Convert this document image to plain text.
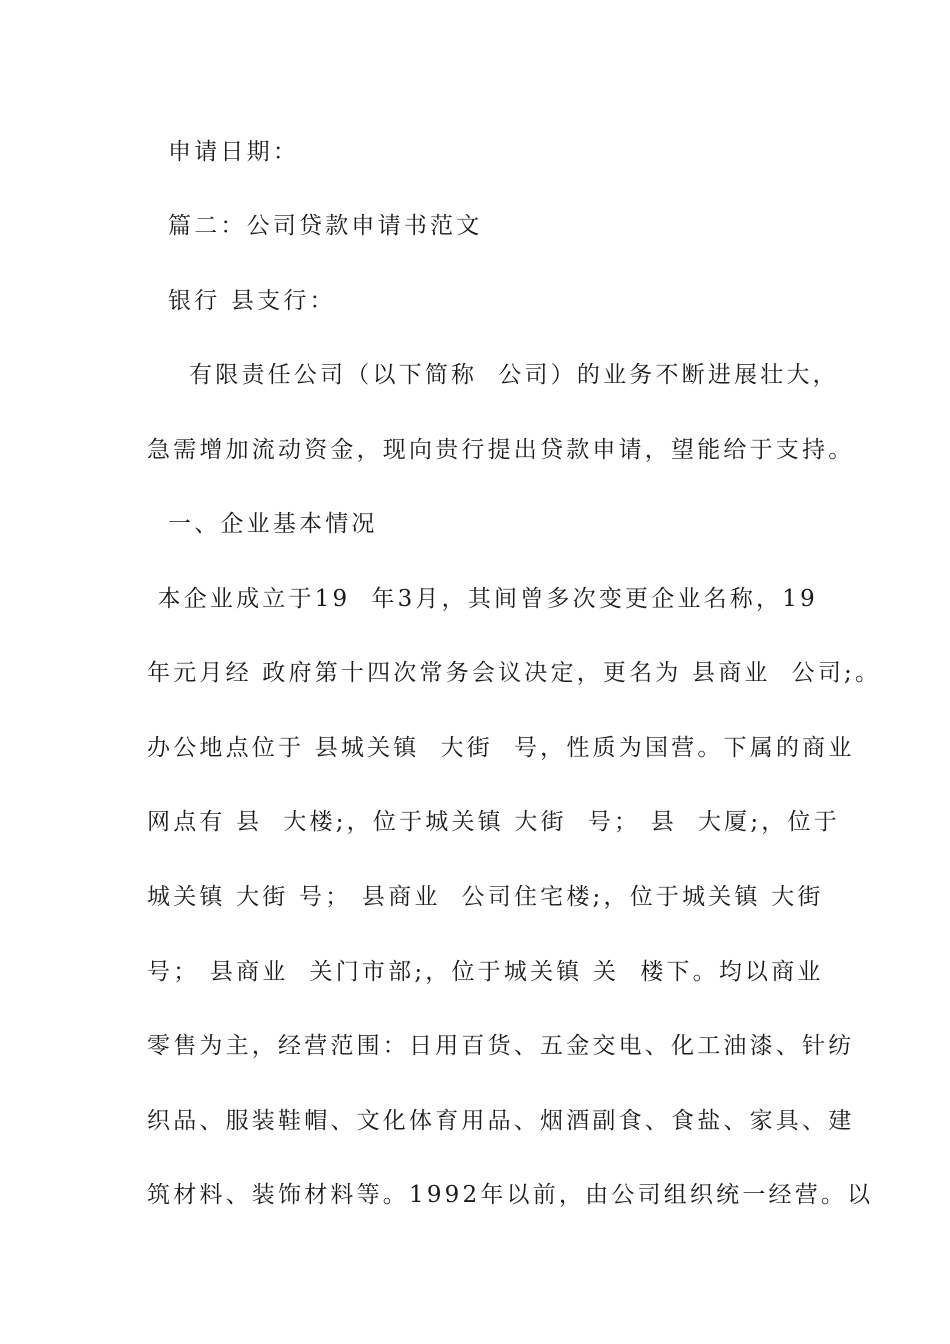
申请日期：
篇二：公司贷款申请书范文
银行 县支行：
有限责任公司（以下简称  公司）的业务不断进展壮大，
急需增加流动资金，现向贵行提出贷款申请，望能给于支持。
一、企业基本情况
本企业成立于19  年3月，其间曾多次变更企业名称，19
年元月经 政府第十四次常务会议决定，更名为 县商业  公司;。
办公地点位于 县城关镇  大街  号，性质为国营。下属的商业
网点有 县  大楼;，位于城关镇 大街  号； 县  大厦;，位于
城关镇 大街 号； 县商业  公司住宅楼;，位于城关镇 大街
号； 县商业  关门市部;，位于城关镇 关  楼下。均以商业
零售为主，经营范围：日用百货、五金交电、化工油漆、针纺
织品、服装鞋帽、文化体育用品、烟酒副食、食盐、家具、建
筑材料、装饰材料等。1992年以前，由公司组织统一经营。以
